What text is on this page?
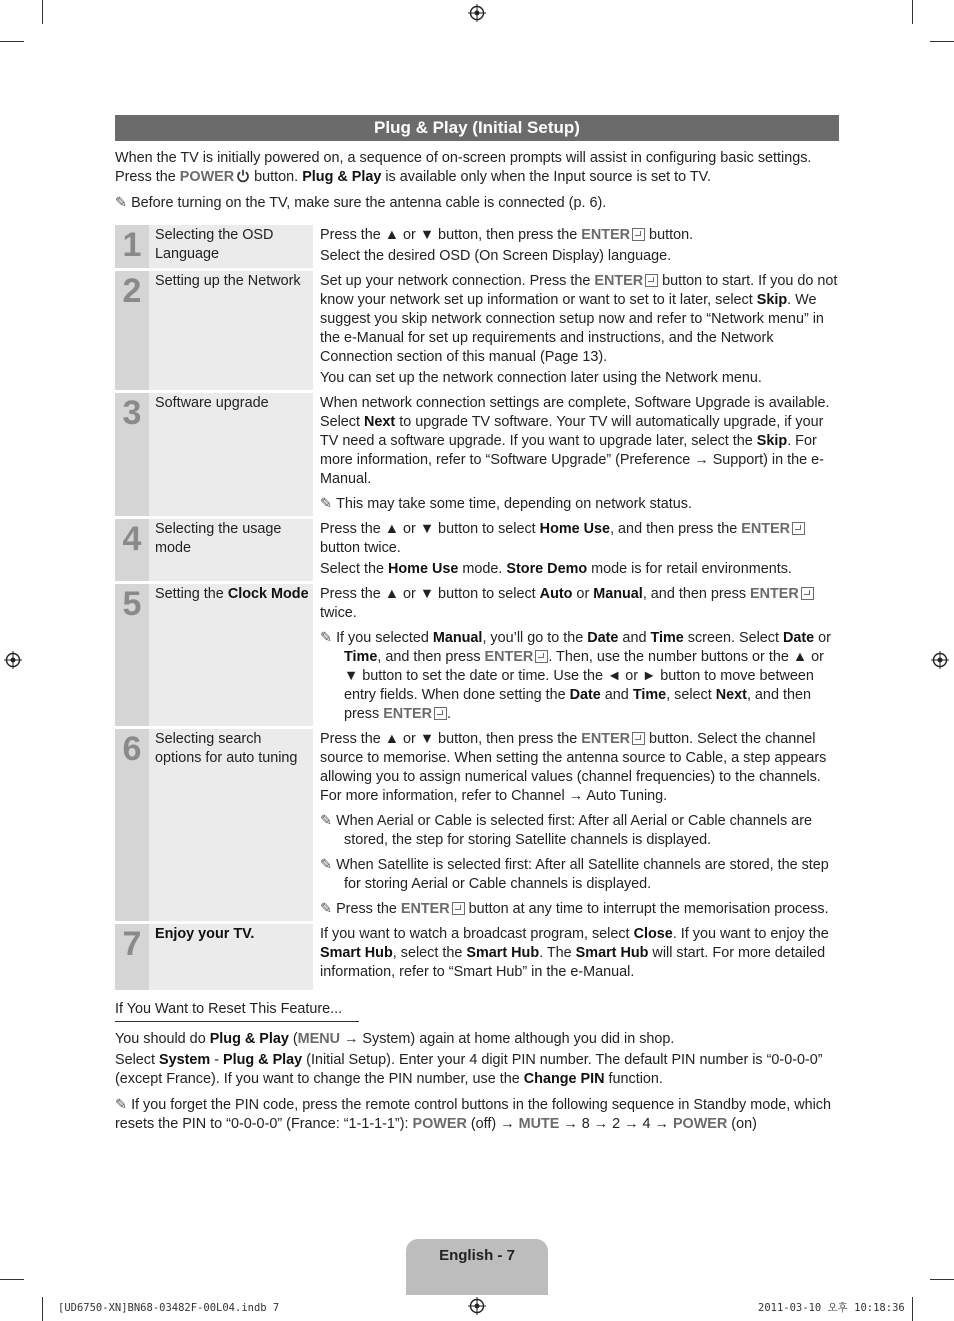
Plug & Play (Initial Setup)
When the TV is initially powered on, a sequence of on-screen prompts will assist in configuring basic settings.
Press the POWER button. Plug & Play is available only when the Input source is set to TV.
✎ Before turning on the TV, make sure the antenna cable is connected (p. 6).
1	Selecting the OSD Language	Press the ▲ or ▼ button, then press the ENTER button.

Select the desired OSD (On Screen Display) language.

2	Setting up the Network	Set up your network connection. Press the ENTER button to start. If you do not know your network set up information or want to set to it later, select Skip. We suggest you skip network connection setup now and refer to “Network menu” in the e-Manual for set up requirements and instructions, and the Network Connection section of this manual (Page 13).

You can set up the network connection later using the Network menu.

3	Software upgrade	When network connection settings are complete, Software Upgrade is available. Select Next to upgrade TV software. Your TV will automatically upgrade, if your TV need a software upgrade. If you want to upgrade later, select the Skip. For more information, refer to “Software Upgrade” (Preference → Support) in the e-Manual.

✎ This may take some time, depending on network status.

4	Selecting the usage mode	Press the ▲ or ▼ button to select Home Use, and then press the ENTER button twice.

Select the Home Use mode. Store Demo mode is for retail environments.

5	Setting the Clock Mode	Press the ▲ or ▼ button to select Auto or Manual, and then press ENTER twice.

✎ If you selected Manual, you’ll go to the Date and Time screen. Select Date or Time, and then press ENTER . Then, use the number buttons or the ▲ or ▼ button to set the date or time. Use the ◄ or ► button to move between entry fields. When done setting the Date and Time, select Next, and then press ENTER .

6	Selecting search options for auto tuning	Press the ▲ or ▼ button, then press the ENTER button. Select the channel source to memorise. When setting the antenna source to Cable, a step appears allowing you to assign numerical values (channel frequencies) to the channels. For more information, refer to Channel → Auto Tuning.

✎ When Aerial or Cable is selected first: After all Aerial or Cable channels are stored, the step for storing Satellite channels is displayed.

✎ When Satellite is selected first: After all Satellite channels are stored, the step for storing Aerial or Cable channels is displayed.

✎ Press the ENTER button at any time to interrupt the memorisation process.

7	Enjoy your TV.	If you want to watch a broadcast program, select Close. If you want to enjoy the Smart Hub, select the Smart Hub. The Smart Hub will start. For more detailed information, refer to “Smart Hub” in the e-Manual.

If You Want to Reset This Feature...
You should do Plug & Play (MENU → System) again at home although you did in shop.
Select System - Plug & Play (Initial Setup). Enter your 4 digit PIN number. The default PIN number is “0-0-0-0” (except France). If you want to change the PIN number, use the Change PIN function.
✎ If you forget the PIN code, press the remote control buttons in the following sequence in Standby mode, which resets the PIN to “0-0-0-0” (France: “1-1-1-1”): POWER (off) → MUTE → 8 → 2 → 4 → POWER (on)
English - 7
[UD6750-XN]BN68-03482F-00L04.indb 7	2011-03-10 오후 10:18:36
